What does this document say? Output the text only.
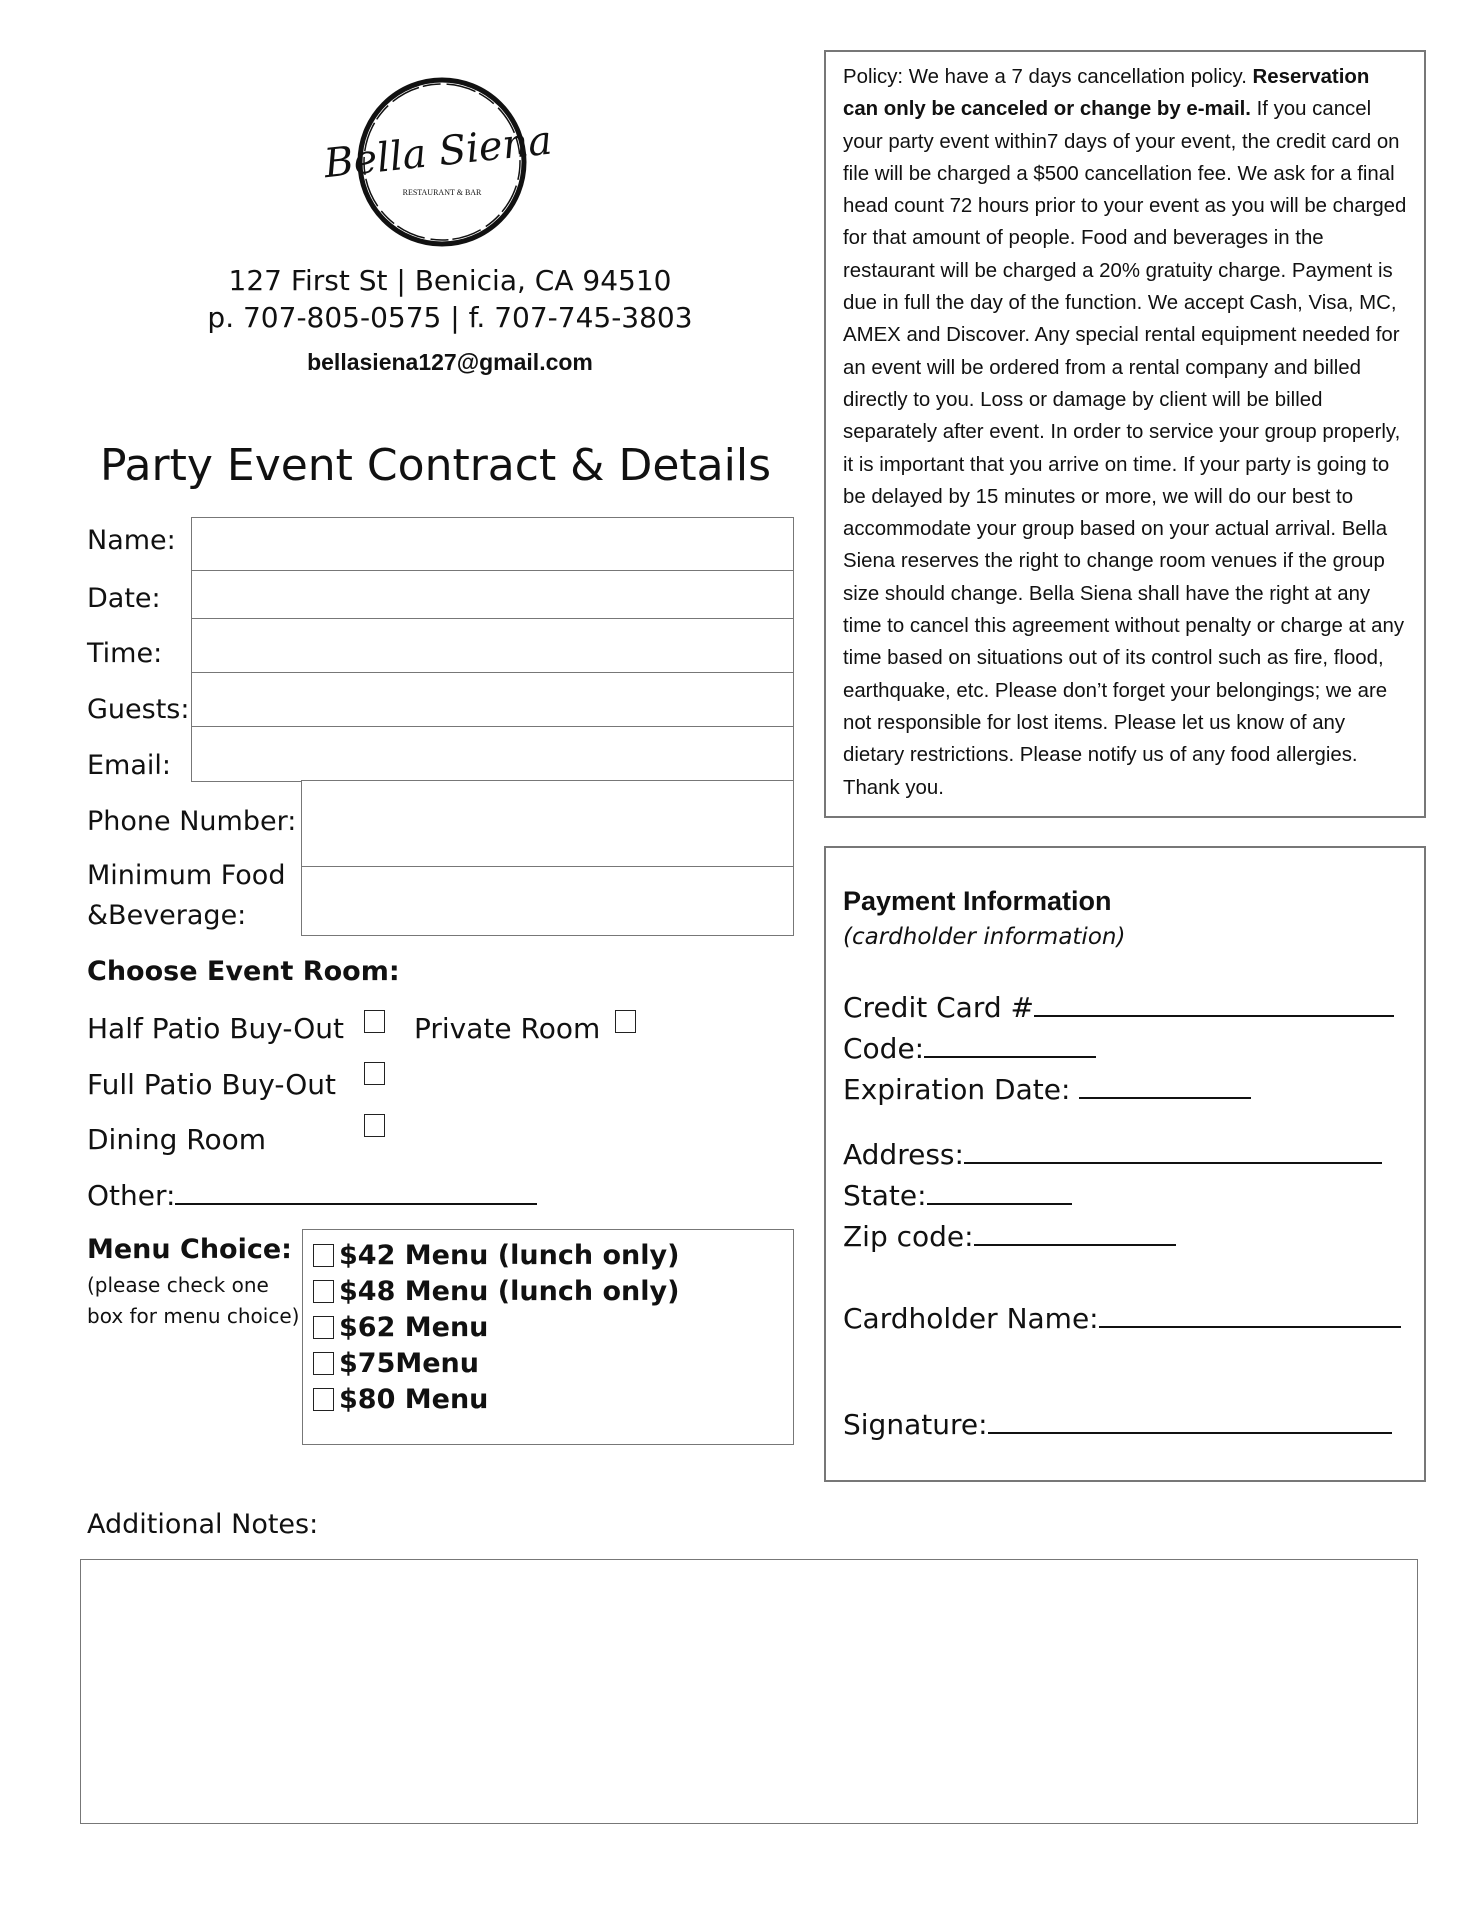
Bella Siena
RESTAURANT & BAR
127 First St | Benicia, CA 94510
p. 707-805-0575 | f. 707-745-3803
bellasiena127@gmail.com
Party Event Contract & Details
Name:
Date:
Time:
Guests:
Email:
Phone Number:
Minimum Food
&Beverage:
Choose Event Room:
Half Patio Buy-Out Private Room
Full Patio Buy-Out
Dining Room
Other:
Menu Choice:
(please check one
box for menu choice)
$42 Menu (lunch only)
$48 Menu (lunch only)
$62 Menu
$75Menu
$80 Menu
Policy: We have a 7 days cancellation policy. Reservation can only be canceled or change by e-mail. If you cancel your party event within7 days of your event, the credit card on file will be charged a $500 cancellation fee. We ask for a final head count 72 hours prior to your event as you will be charged for that amount of people. Food and beverages in the restaurant will be charged a 20% gratuity charge. Payment is due in full the day of the function. We accept Cash, Visa, MC, AMEX and Discover. Any special rental equipment needed for an event will be ordered from a rental company and billed directly to you. Loss or damage by client will be billed separately after event. In order to service your group properly, it is important that you arrive on time. If your party is going to be delayed by 15 minutes or more, we will do our best to accommodate your group based on your actual arrival. Bella Siena reserves the right to change room venues if the group size should change. Bella Siena shall have the right at any time to cancel this agreement without penalty or charge at any time based on situations out of its control such as fire, flood, earthquake, etc. Please don’t forget your belongings; we are not responsible for lost items. Please let us know of any dietary restrictions. Please notify us of any food allergies. Thank you.
Payment Information
(cardholder information)
Credit Card #
Code:
Expiration Date:
Address:
State:
Zip code:
Cardholder Name:
Signature:
Additional Notes:
